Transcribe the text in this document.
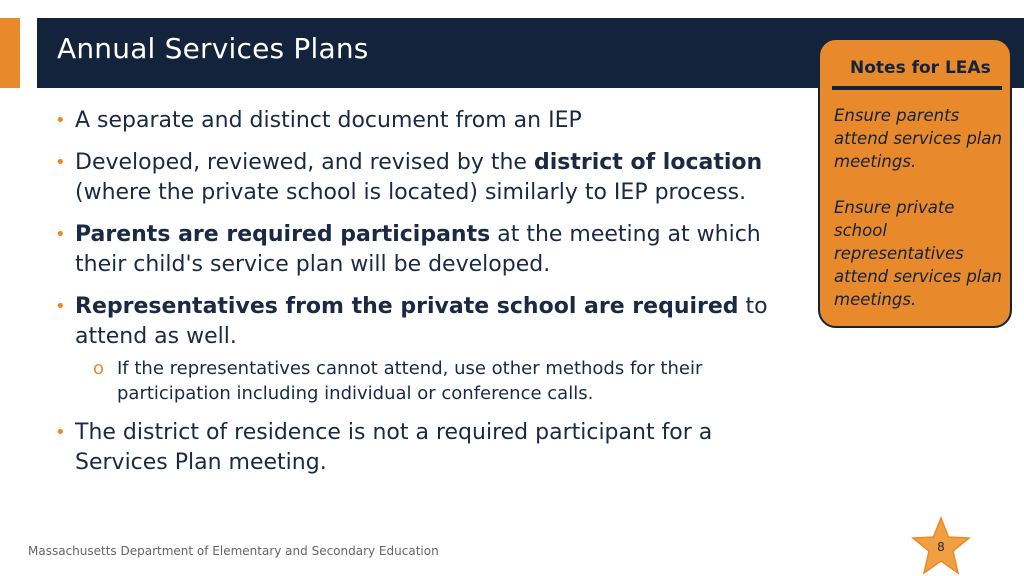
Annual Services Plans
• A separate and distinct document from an IEP
• Developed, reviewed, and revised by the district of location (where the private school is located) similarly to IEP process.
• Parents are required participants at the meeting at which their child's service plan will be developed.
• Representatives from the private school are required to attend as well.
o If the representatives cannot attend, use other methods for their participation including individual or conference calls.
• The district of residence is not a required participant for a Services Plan meeting.
Notes for LEAs

Ensure parents attend services plan meetings.

Ensure private school representatives attend services plan meetings.

Massachusetts Department of Elementary and Secondary Education	8
